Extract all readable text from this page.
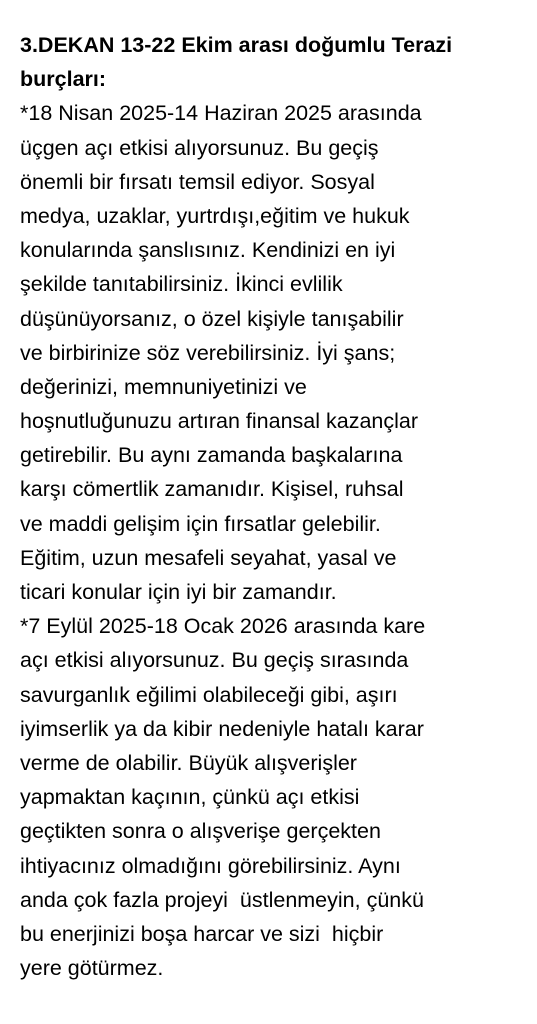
3.DEKAN 13-22 Ekim arası doğumlu Terazi
burçları:
*18 Nisan 2025-14 Haziran 2025 arasında
üçgen açı etkisi alıyorsunuz. Bu geçiş
önemli bir fırsatı temsil ediyor. Sosyal
medya, uzaklar, yurtrdışı,eğitim ve hukuk
konularında şanslısınız. Kendinizi en iyi
şekilde tanıtabilirsiniz. İkinci evlilik
düşünüyorsanız, o özel kişiyle tanışabilir
ve birbirinize söz verebilirsiniz. İyi şans;
değerinizi, memnuniyetinizi ve
hoşnutluğunuzu artıran finansal kazançlar
getirebilir. Bu aynı zamanda başkalarına
karşı cömertlik zamanıdır. Kişisel, ruhsal
ve maddi gelişim için fırsatlar gelebilir.
Eğitim, uzun mesafeli seyahat, yasal ve
ticari konular için iyi bir zamandır.
*7 Eylül 2025-18 Ocak 2026 arasında kare
açı etkisi alıyorsunuz. Bu geçiş sırasında
savurganlık eğilimi olabileceği gibi, aşırı
iyimserlik ya da kibir nedeniyle hatalı karar
verme de olabilir. Büyük alışverişler
yapmaktan kaçının, çünkü açı etkisi
geçtikten sonra o alışverişe gerçekten
ihtiyacınız olmadığını görebilirsiniz. Aynı
anda çok fazla projeyi  üstlenmeyin, çünkü
bu enerjinizi boşa harcar ve sizi  hiçbir
yere götürmez.
